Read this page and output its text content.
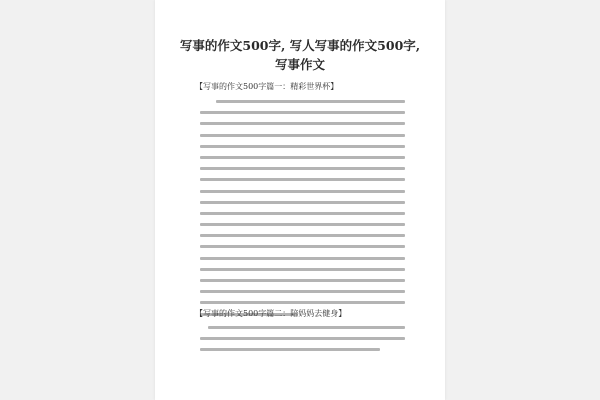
写事的作文500字, 写人写事的作文500字,
写事作文
【写事的作文500字篇一：精彩世界杯】
【写事的作文500字篇二：陪妈妈去健身】
